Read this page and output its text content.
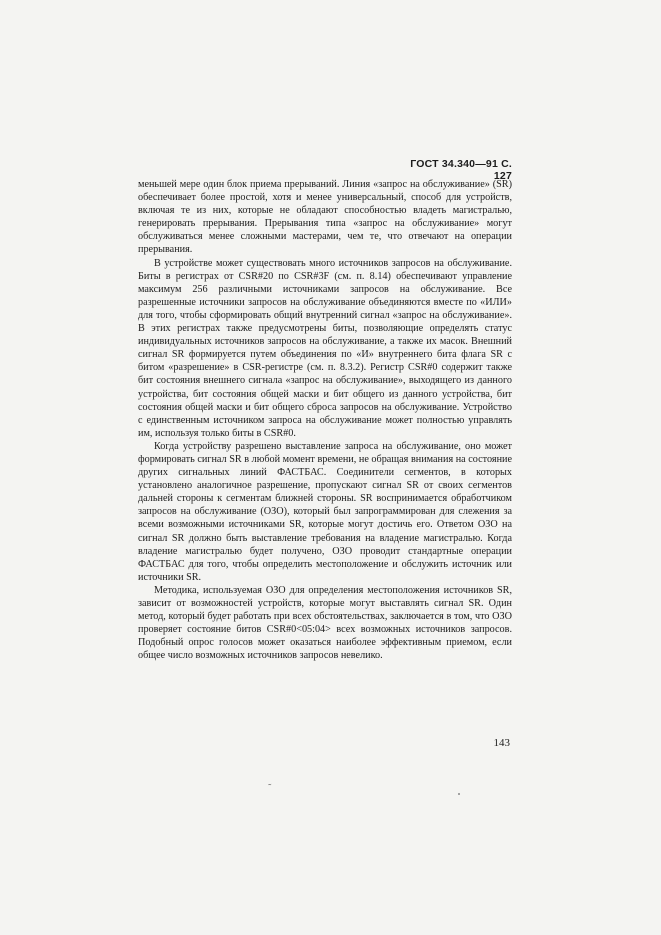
ГОСТ 34.340—91 С. 127

меньшей мере один блок приема прерываний. Линия «запрос на обслуживание» (SR) обеспечивает более простой, хотя и менее универсальный, способ для устройств, включая те из них, которые не обладают способностью владеть магистралью, генерировать прерывания. Прерывания типа «запрос на обслуживание» могут обслуживаться менее сложными мастерами, чем те, что отвечают на операции прерывания.

В устройстве может существовать много источников запросов на обслуживание. Биты в регистрах от CSR#20 по CSR#3F (см. п. 8.14) обеспечивают управление максимум 256 различными источниками запросов на обслуживание. Все разрешенные источники запросов на обслуживание объединяются вместе по «ИЛИ» для того, чтобы сформировать общий внутренний сигнал «запрос на обслуживание». В этих регистрах также предусмотрены биты, позволяющие определять статус индивидуальных источников запросов на обслуживание, а также их масок. Внешний сигнал SR формируется путем объединения по «И» внутреннего бита флага SR с битом «разрешение» в CSR-регистре (см. п. 8.3.2). Регистр CSR#0 содержит также бит состояния внешнего сигнала «запрос на обслуживание», выходящего из данного устройства, бит состояния общей маски и бит общего из данного устройства, бит состояния общей маски и бит общего сброса запросов на обслуживание. Устройство с единственным источником запроса на обслуживание может полностью управлять им, используя только биты в CSR#0.

Когда устройству разрешено выставление запроса на обслуживание, оно может формировать сигнал SR в любой момент времени, не обращая внимания на состояние других сигнальных линий ФАСТБАС. Соединители сегментов, в которых установлено аналогичное разрешение, пропускают сигнал SR от своих сегментов дальней стороны к сегментам ближней стороны. SR воспринимается обработчиком запросов на обслуживание (ОЗО), который был запрограммирован для слежения за всеми возможными источниками SR, которые могут достичь его. Ответом ОЗО на сигнал SR должно быть выставление требования на владение магистралью. Когда владение магистралью будет получено, ОЗО проводит стандартные операции ФАСТБАС для того, чтобы определить местоположение и обслужить источник или источники SR.

Методика, используемая ОЗО для определения местоположения источников SR, зависит от возможностей устройств, которые могут выставлять сигнал SR. Один метод, который будет работать при всех обстоятельствах, заключается в том, что ОЗО проверяет состояние битов CSR#0<05:04> всех возможных источников запросов. Подобный опрос голосов может оказаться наиболее эффективным приемом, если общее число возможных источников запросов невелико.

143
˜
